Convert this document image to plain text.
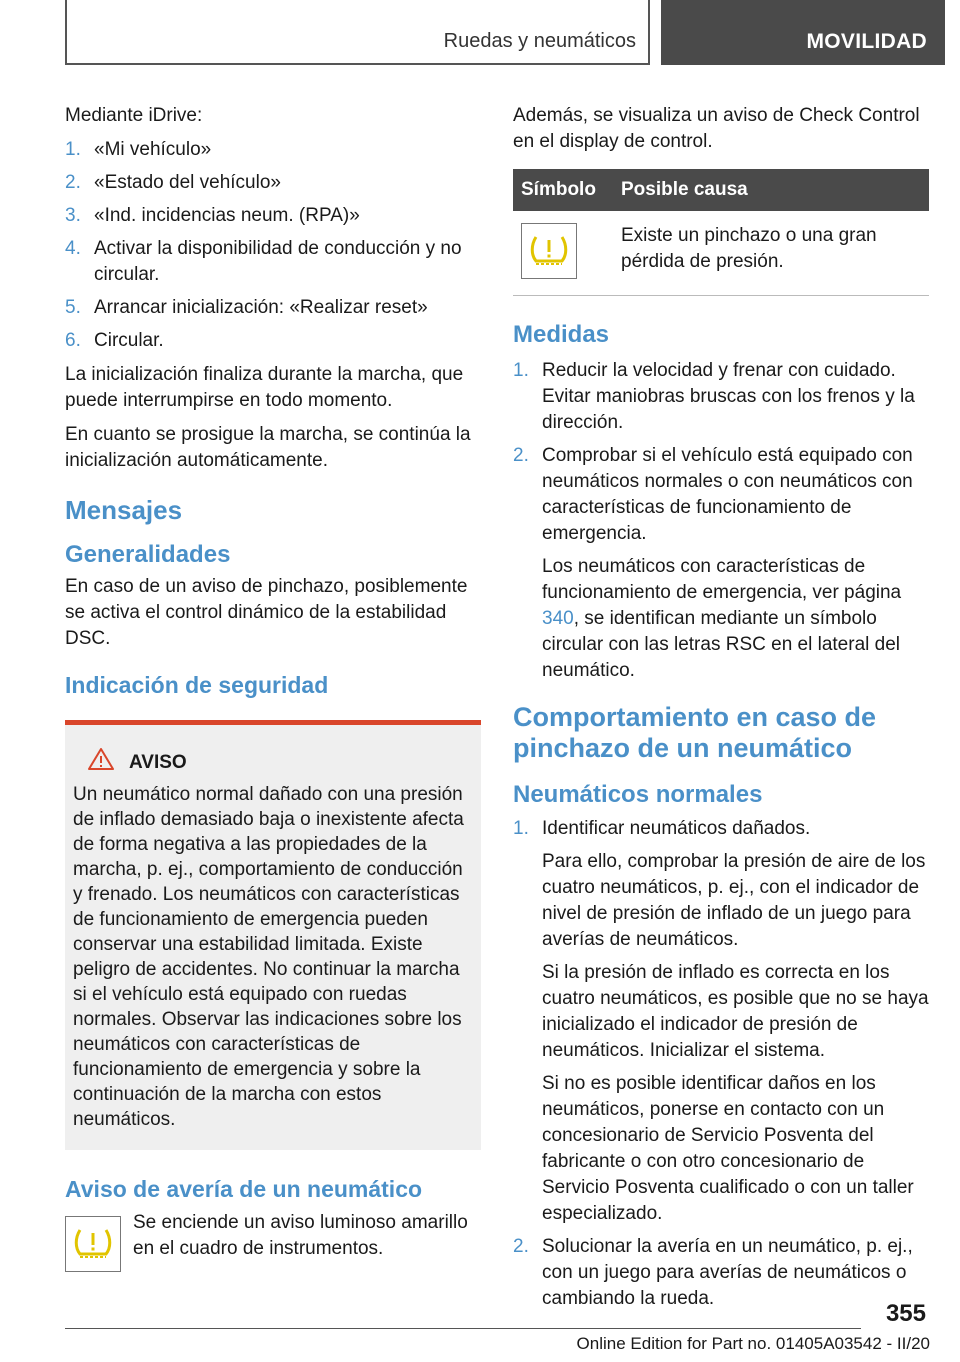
Ruedas y neumáticos	MOVILIDAD

Mediante iDrive:

1. «Mi vehículo»
2. «Estado del vehículo»
3. «Ind. incidencias neum. (RPA)»
4. Activar la disponibilidad de conducción y no circular.
5. Arrancar inicialización: «Realizar reset»
6. Circular.

La inicialización finaliza durante la marcha, que puede interrumpirse en todo momento.

En cuanto se prosigue la marcha, se continúa la inicialización automáticamente.

Mensajes
Generalidades

En caso de un aviso de pinchazo, posiblemente se activa el control dinámico de la estabilidad DSC.

Indicación de seguridad
AVISO
Un neumático normal dañado con una presión de inflado demasiado baja o inexistente afecta de forma negativa a las propiedades de la marcha, p. ej., comportamiento de conducción y frenado. Los neumáticos con características de funcionamiento de emergencia pueden conservar una estabilidad limitada. Existe peligro de accidentes. No continuar la marcha si el vehículo está equipado con ruedas normales. Observar las indicaciones sobre los neumáticos con características de funcionamiento de emergencia y sobre la continuación de la marcha con estos neumáticos.
Aviso de avería de un neumático
Se enciende un aviso luminoso amarillo en el cuadro de instrumentos.

Además, se visualiza un aviso de Check Control en el display de control.

Símbolo	Posible causa

	Existe un pinchazo o una gran pérdida de presión.
Medidas
1. Reducir la velocidad y frenar con cuidado. Evitar maniobras bruscas con los frenos y la dirección.
2. Comprobar si el vehículo está equipado con neumáticos normales o con neumáticos con características de funcionamiento de emergencia.

Los neumáticos con características de funcionamiento de emergencia, ver página 340, se identifican mediante un símbolo circular con las letras RSC en el lateral del neumático.

Comportamiento en caso de pinchazo de un neumático
Neumáticos normales
1. Identificar neumáticos dañados.

Para ello, comprobar la presión de aire de los cuatro neumáticos, p. ej., con el indicador de nivel de presión de inflado de un juego para averías de neumáticos.

Si la presión de inflado es correcta en los cuatro neumáticos, es posible que no se haya inicializado el indicador de presión de neumáticos. Inicializar el sistema.

Si no es posible identificar daños en los neumáticos, ponerse en contacto con un concesionario de Servicio Posventa del fabricante o con otro concesionario de Servicio Posventa cualificado o con un taller especializado.

2. Solucionar la avería en un neumático, p. ej., con un juego para averías de neumáticos o cambiando la rueda.
355
Online Edition for Part no. 01405A03542 - II/20
